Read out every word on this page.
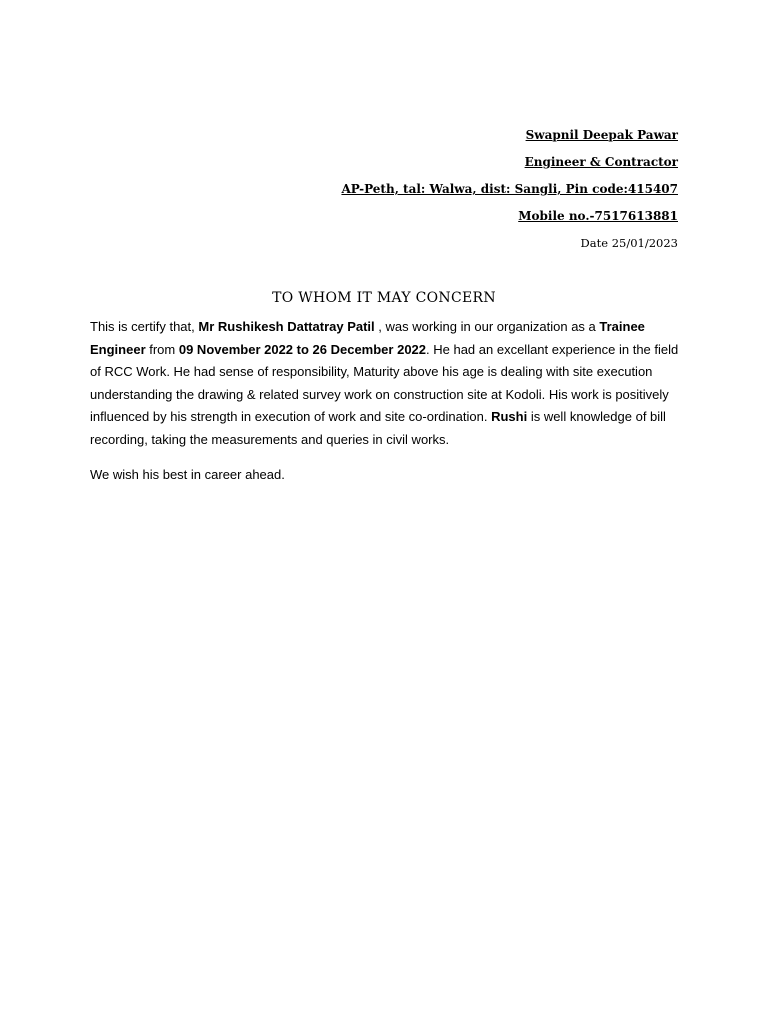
Swapnil Deepak Pawar
Engineer & Contractor
AP-Peth, tal: Walwa, dist: Sangli, Pin code:415407
Mobile no.-7517613881
Date 25/01/2023
TO WHOM IT MAY CONCERN

This is certify that, Mr Rushikesh Dattatray Patil , was working in our organization as a Trainee Engineer from 09 November 2022 to 26 December 2022. He had an excellant experience in the field of RCC Work. He had sense of responsibility, Maturity above his age is dealing with site execution understanding the drawing & related survey work on construction site at Kodoli. His work is positively influenced by his strength in execution of work and site co-ordination. Rushi is well knowledge of bill recording, taking the measurements and queries in civil works.

We wish his best in career ahead.
